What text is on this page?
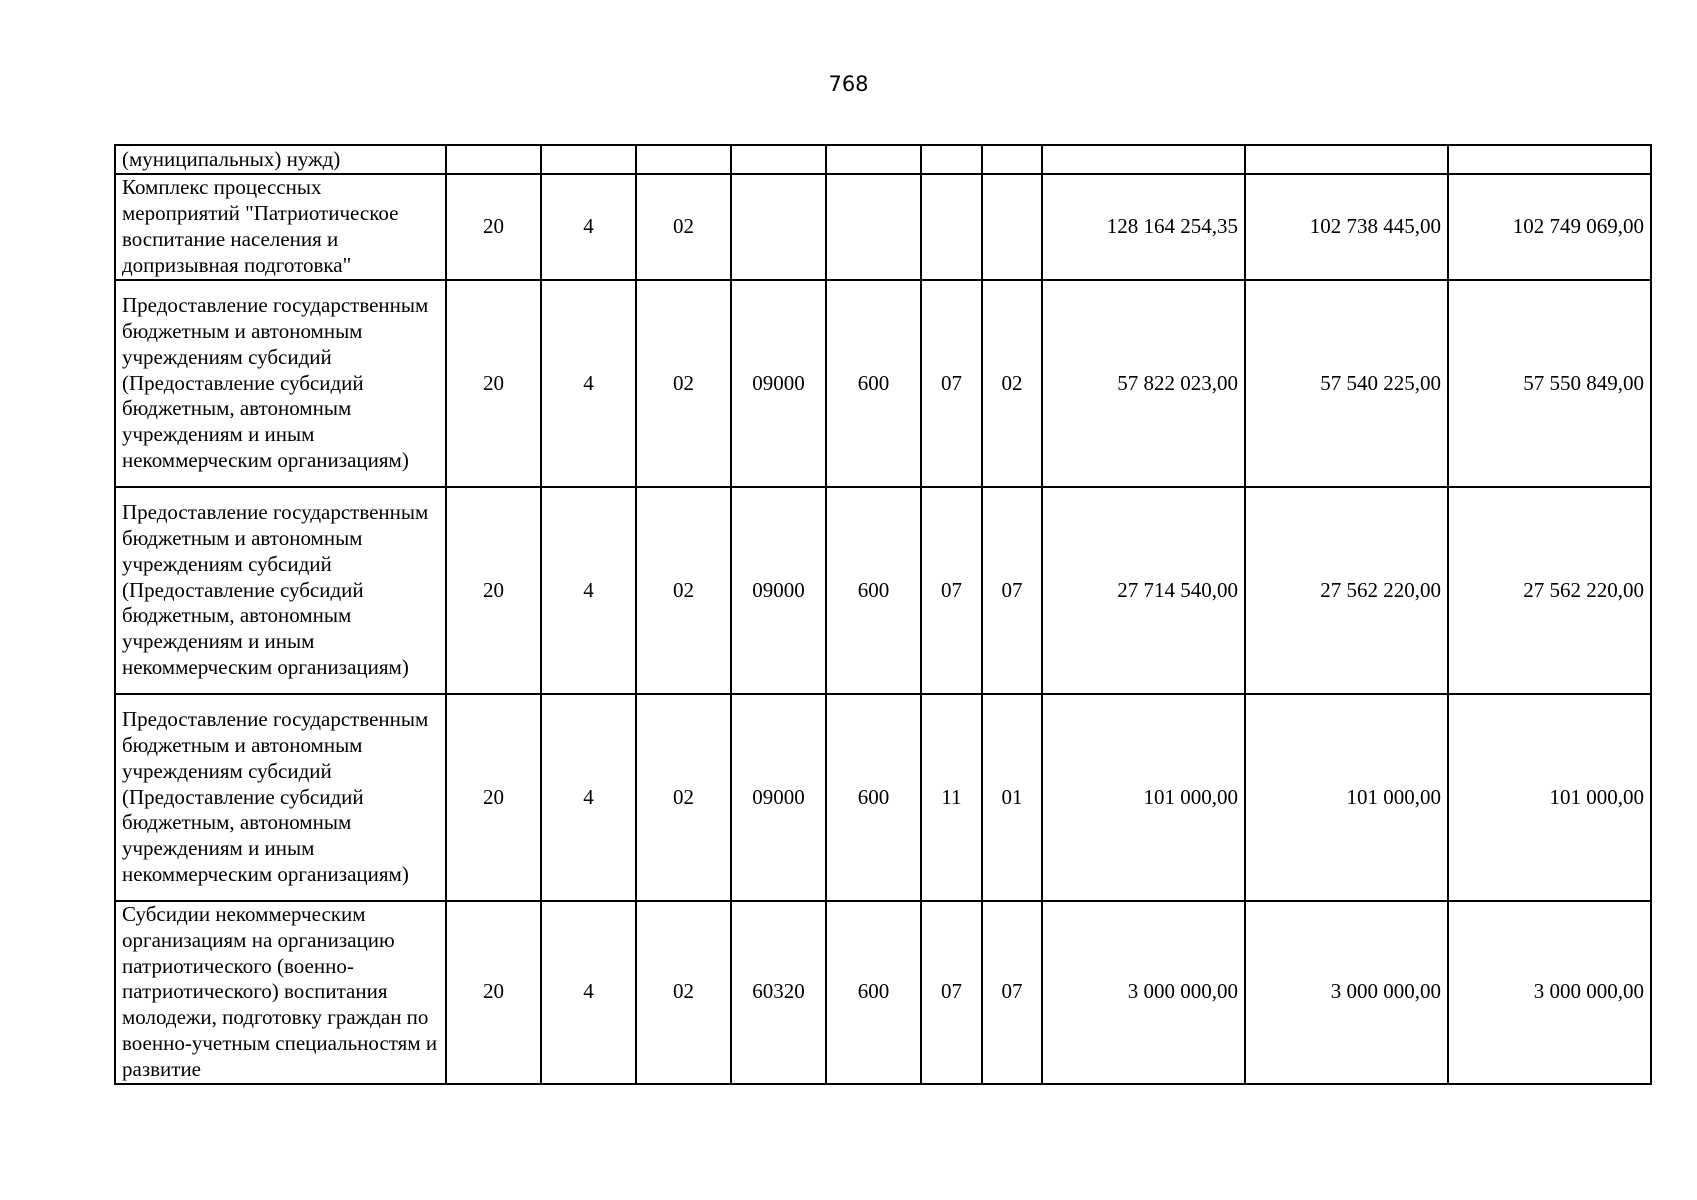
768
(муниципальных) нужд)										
Комплекс процессных мероприятий "Патриотическое воспитание населения и допризывная подготовка"	20	4	02					128 164 254,35	102 738 445,00	102 749 069,00
Предоставление государственным бюджетным и автономным учреждениям субсидий (Предоставление субсидий бюджетным, автономным учреждениям и иным некоммерческим организациям)	20	4	02	09000	600	07	02	57 822 023,00	57 540 225,00	57 550 849,00
Предоставление государственным бюджетным и автономным учреждениям субсидий (Предоставление субсидий бюджетным, автономным учреждениям и иным некоммерческим организациям)	20	4	02	09000	600	07	07	27 714 540,00	27 562 220,00	27 562 220,00
Предоставление государственным бюджетным и автономным учреждениям субсидий (Предоставление субсидий бюджетным, автономным учреждениям и иным некоммерческим организациям)	20	4	02	09000	600	11	01	101 000,00	101 000,00	101 000,00
Субсидии некоммерческим организациям на организацию патриотического (военно-патриотического) воспитания молодежи, подготовку граждан по военно-учетным специальностям и развитие	20	4	02	60320	600	07	07	3 000 000,00	3 000 000,00	3 000 000,00
